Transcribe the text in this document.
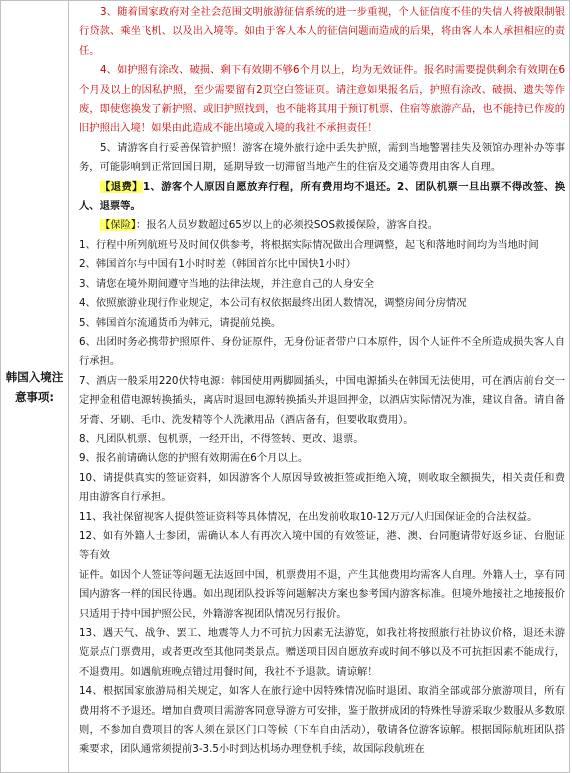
韩国入境注
意事项:

3、随着国家政府对全社会范围文明旅游征信系统的进一步重视，个人征信度不佳的失信人将被限制银行贷款、乘坐飞机、以及出入境等。如由于客人本人的征信问题而造成的后果，将由客人本人承担相应的责任。

4、如护照有涂改、破损、剩下有效期不够6个月以上，均为无效证件。报名时需要提供剩余有效期在6个月及以上的因私护照，至少需要留有2页空白签证页。请注意如果报名后，护照有涂改、破损、遗失等作废，即使您换发了新护照、或旧护照找到，也不能将其用于预订机票、住宿等旅游产品，也不能持已作废的旧护照出入境！如果由此造成不能出境或入境的我社不承担责任！

5、请游客自行妥善保管护照！游客在境外旅行途中丢失护照，需到当地警署挂失及领馆办理补办等事务，可能影响到正常回国日期，延期导致一切滞留当地产生的住宿及交通等费用由客人自理。

【退费】1、游客个人原因自愿放弃行程，所有费用均不退还。2、团队机票一旦出票不得改签、换人、退票等。

【保险】：报名人员岁数超过65岁以上的必须投SOS救援保险，游客自投。

1、行程中所列航班号及时间仅供参考，将根据实际情况做出合理调整，起飞和落地时间均为当地时间

2、韩国首尔与中国有1小时时差（韩国首尔比中国快1小时）

3、请您在境外期间遵守当地的法律法规，并注意自己的人身安全

4、依照旅游业现行作业规定，本公司有权依据最终出团人数情况，调整房间分房情况

5、韩国首尔流通货币为韩元，请提前兑换。

6、出团时务必携带护照原件、身份证原件，无身份证者带户口本原件，因个人证件不全所造成损失客人自行承担。

7、酒店一般采用220伏特电源：韩国使用两脚圆插头，中国电源插头在韩国无法使用，可在酒店前台交一定押金租借电源转换插头，离店时退回电源转换插头并退回押金，以酒店实际情况为准，建议自备。请自备牙膏、牙刷、毛巾、洗发精等个人洗漱用品（酒店备有，但要收取费用）。

8、凡团队机票、包机票，一经开出，不得签转、更改、退票。

9、报名前请确认您的护照有效期需在6个月以上。

10、请提供真实的签证资料，如因游客个人原因导致被拒签或拒绝入境，则收取全额损失，相关责任和费用由游客自行承担。

11、我社保留视客人提供签证资料等具体情况，在出发前收取10-12万元/人归国保证金的合法权益。

12、如有外籍人士参团，需确认本人有再次入境中国的有效签证，港、澳、台同胞请带好返乡证、台胞证等有效

证件。如因个人签证等问题无法返回中国，机票费用不退，产生其他费用均需客人自理。外籍人士，享有同国内游客一样的国民待遇。如出现团队投诉等问题解决方案也参考国内游客标准。但境外地接社之地接报价只适用于持中国护照公民，外籍游客视团队情况另行报价。

13、遇天气、战争、罢工、地震等人力不可抗力因素无法游览，如我社将按照旅行社协议价格，退还未游览景点门票费用，或者更改至其他同类景点。赠送项目因自愿放弃或时间不够以及不可抗拒因素不能成行，不退费用。如遇航班晚点错过用餐时间，我社不予退款。请谅解！

14、根据国家旅游局相关规定，如客人在旅行途中因特殊情况临时退团、取消全部或部分旅游项目，所有费用将不予退还。增加自费项目需游客同意导游方可安排，鉴于散拼成团的特殊性导游采取少数服从多数原则，不参加自费项目的客人须在景区门口等候（下车自由活动），敬请各位游客谅解。根据国际航班团队搭乘要求，团队通常须提前3-3.5小时到达机场办理登机手续，故国际段航班在
